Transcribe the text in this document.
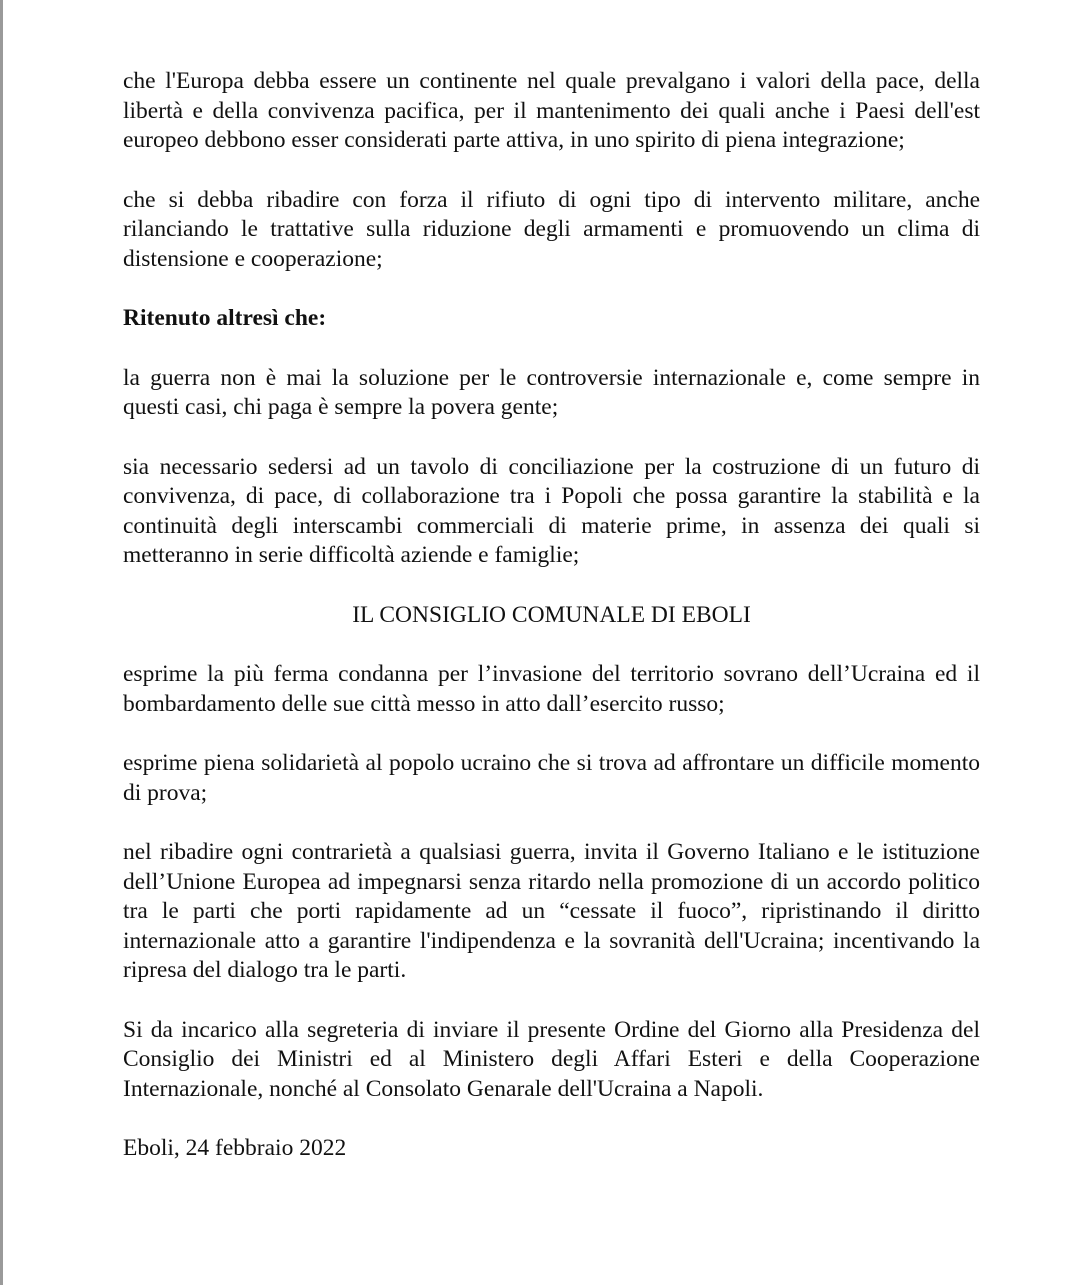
che l'Europa debba essere un continente nel quale prevalgano i valori della pace, della libertà e della convivenza pacifica, per il mantenimento dei quali anche i Paesi dell'est europeo debbono esser considerati parte attiva, in uno spirito di piena integrazione;

che si debba ribadire con forza il rifiuto di ogni tipo di intervento militare, anche rilanciando le trattative sulla riduzione degli armamenti e promuovendo un clima di distensione e cooperazione;

Ritenuto altresì che:

la guerra non è mai la soluzione per le controversie internazionale e, come sempre in questi casi, chi paga è sempre la povera gente;

sia necessario sedersi ad un tavolo di conciliazione per la costruzione di un futuro di convivenza, di pace, di collaborazione tra i Popoli che possa garantire la stabilità e la continuità degli interscambi commerciali di materie prime, in assenza dei quali si metteranno in serie difficoltà aziende e famiglie;

IL CONSIGLIO COMUNALE DI EBOLI

esprime la più ferma condanna per l’invasione del territorio sovrano dell’Ucraina ed il bombardamento delle sue città messo in atto dall’esercito russo;

esprime piena solidarietà al popolo ucraino che si trova ad affrontare un difficile momento di prova;

nel ribadire ogni contrarietà a qualsiasi guerra, invita il Governo Italiano e le istituzione dell’Unione Europea ad impegnarsi senza ritardo nella promozione di un accordo politico tra le parti che porti rapidamente ad un “cessate il fuoco”, ripristinando il diritto internazionale atto a garantire l'indipendenza e la sovranità dell'Ucraina; incentivando la ripresa del dialogo tra le parti.

Si da incarico alla segreteria di inviare il presente Ordine del Giorno alla Presidenza del Consiglio dei Ministri ed al Ministero degli Affari Esteri e della Cooperazione Internazionale, nonché al Consolato Genarale dell'Ucraina a Napoli.

Eboli, 24 febbraio 2022
